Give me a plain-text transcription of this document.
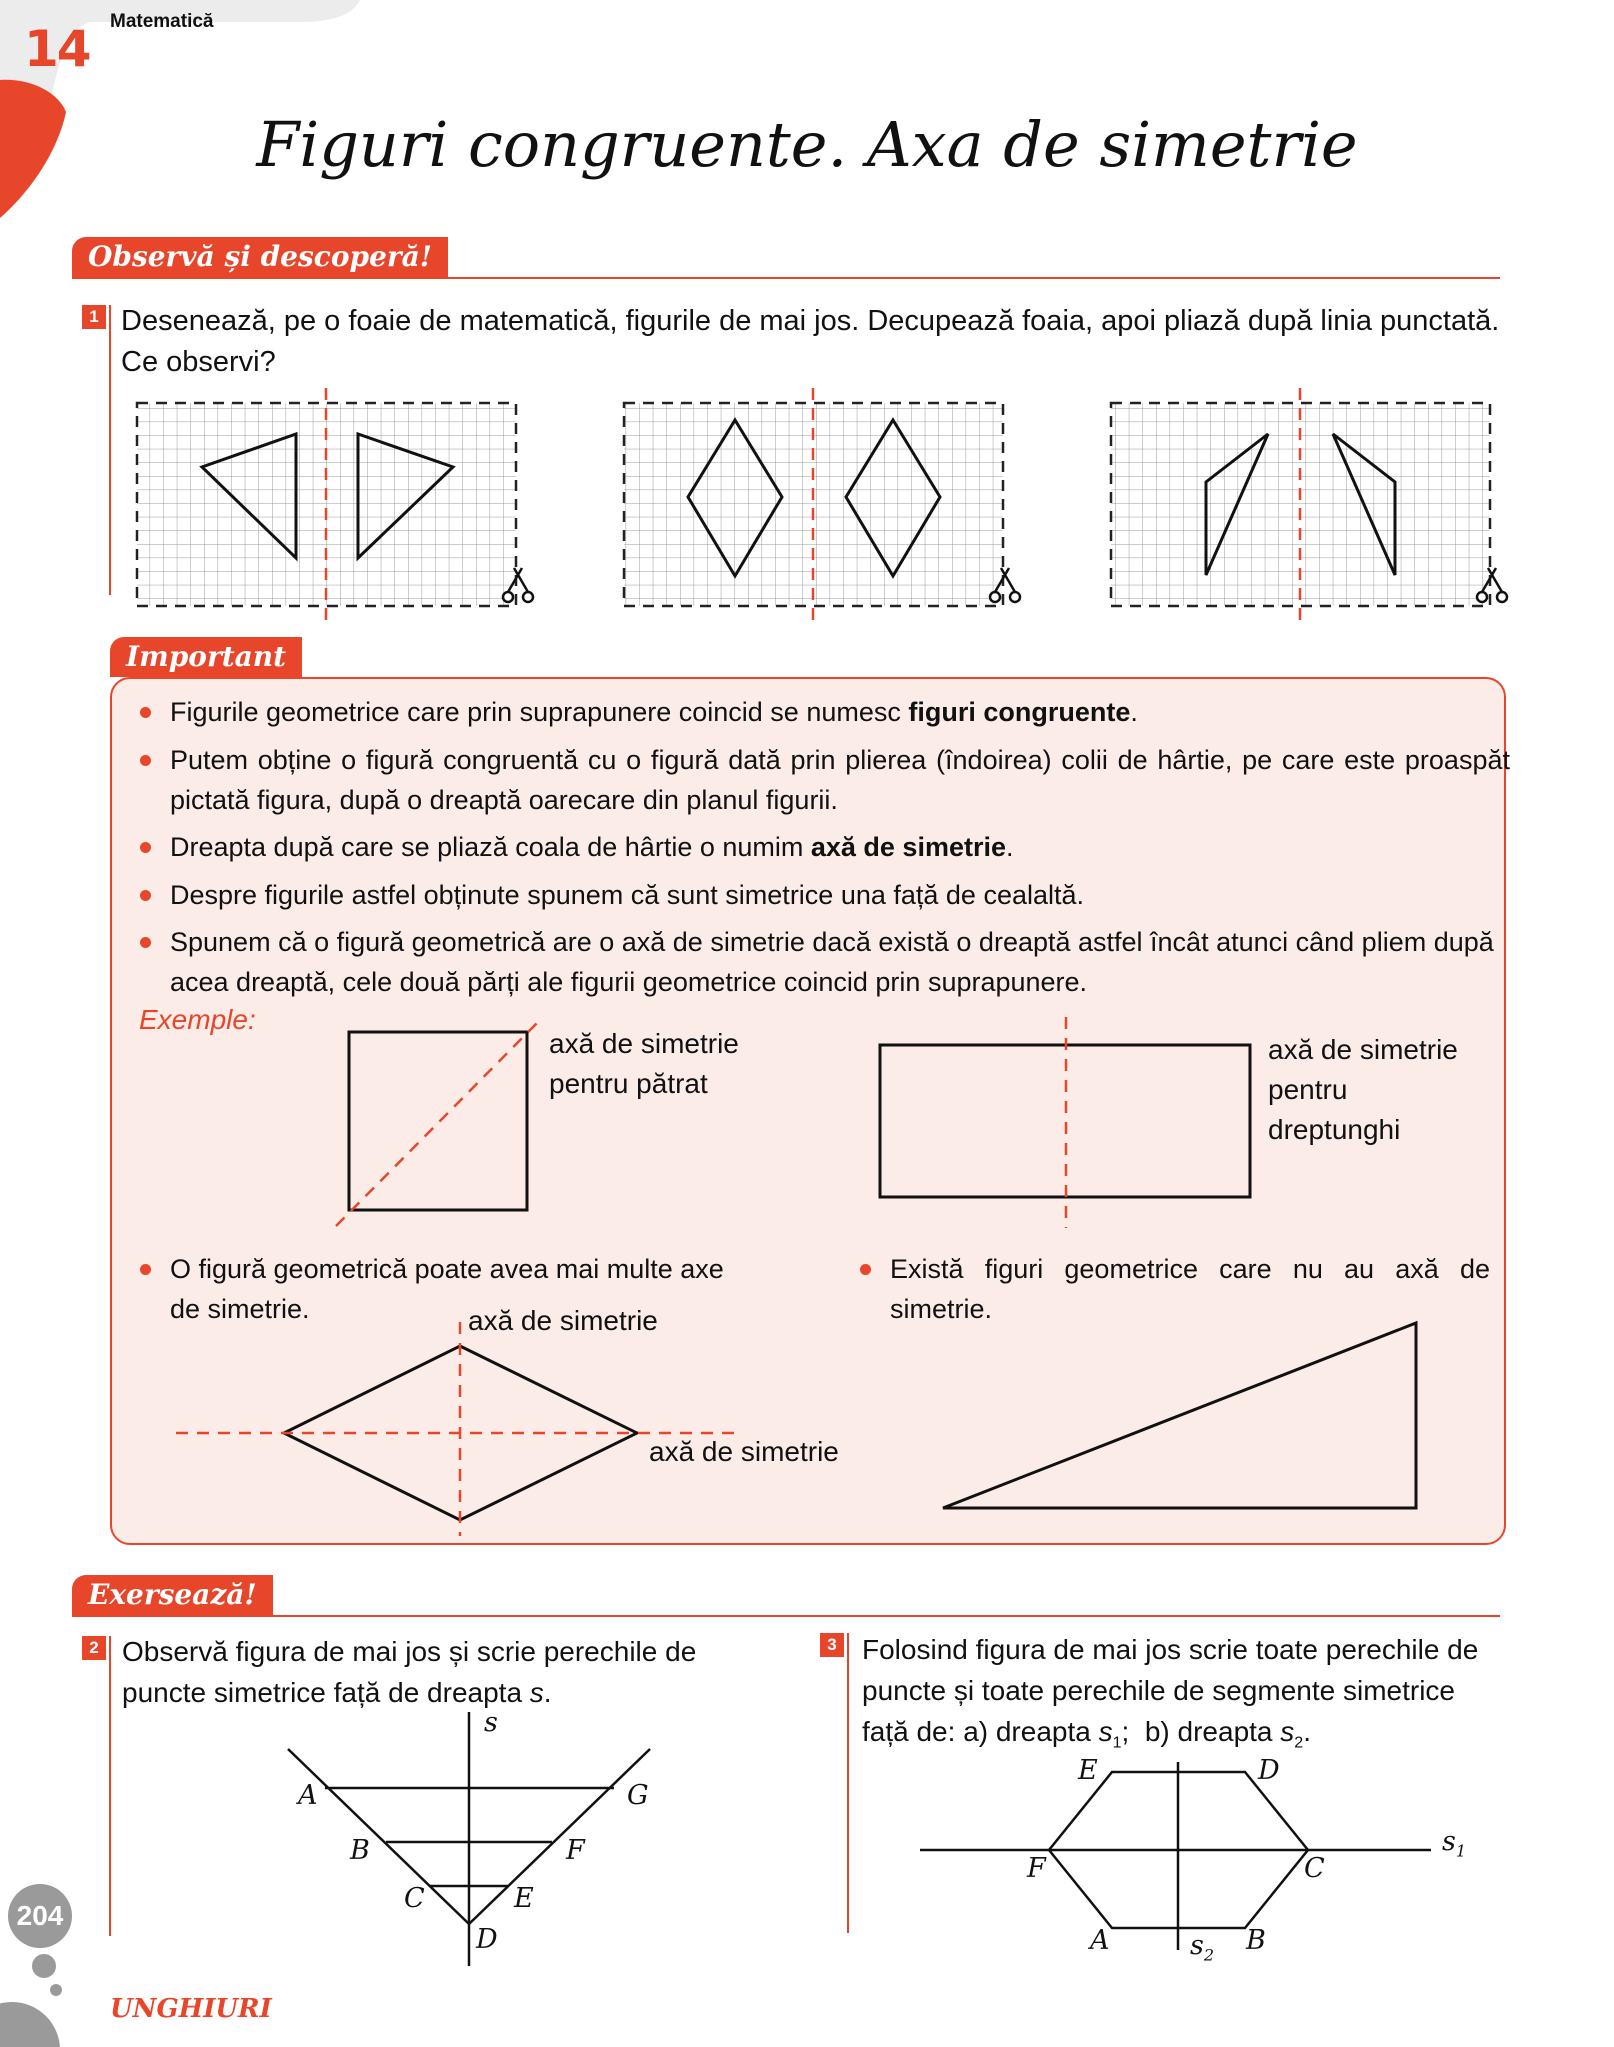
14 Matematică
Figuri congruente. Axa de simetrie
Observă și descoperă!
1 Desenează, pe o foaie de matematică, figurile de mai jos. Decupează foaia, apoi pliază după linia punctată. Ce observi?
Important
Figurile geometrice care prin suprapunere coincid se numesc figuri congruente.
Putem obține o figură congruentă cu o figură dată prin plierea (îndoirea) colii de hârtie, pe care este proaspăt pictată figura, după o dreaptă oarecare din planul figurii.
Dreapta după care se pliază coala de hârtie o numim axă de simetrie.
Despre figurile astfel obținute spunem că sunt simetrice una față de cealaltă.
Spunem că o figură geometrică are o axă de simetrie dacă există o dreaptă astfel încât atunci când pliem după acea dreaptă, cele două părți ale figurii geometrice coincid prin suprapunere.
Exemple:
axă de simetrie
pentru pătrat
axă de simetrie
pentru
dreptunghi
O figură geometrică poate avea mai multe axe de simetrie.
Există figuri geometrice care nu au axă de simetrie.
axă de simetrie
axă de simetrie
Exersează!
2 Observă figura de mai jos și scrie perechile de puncte simetrice față de dreapta s.
s
A	G
B	F
C	E
D
3 Folosind figura de mai jos scrie toate perechile de puncte și toate perechile de segmente simetrice față de: a) dreapta $s_1$;  b) dreapta $s_2$.
E	D
F	C
A	B
$s_1$
$s_2$
204
UNGHIURI
